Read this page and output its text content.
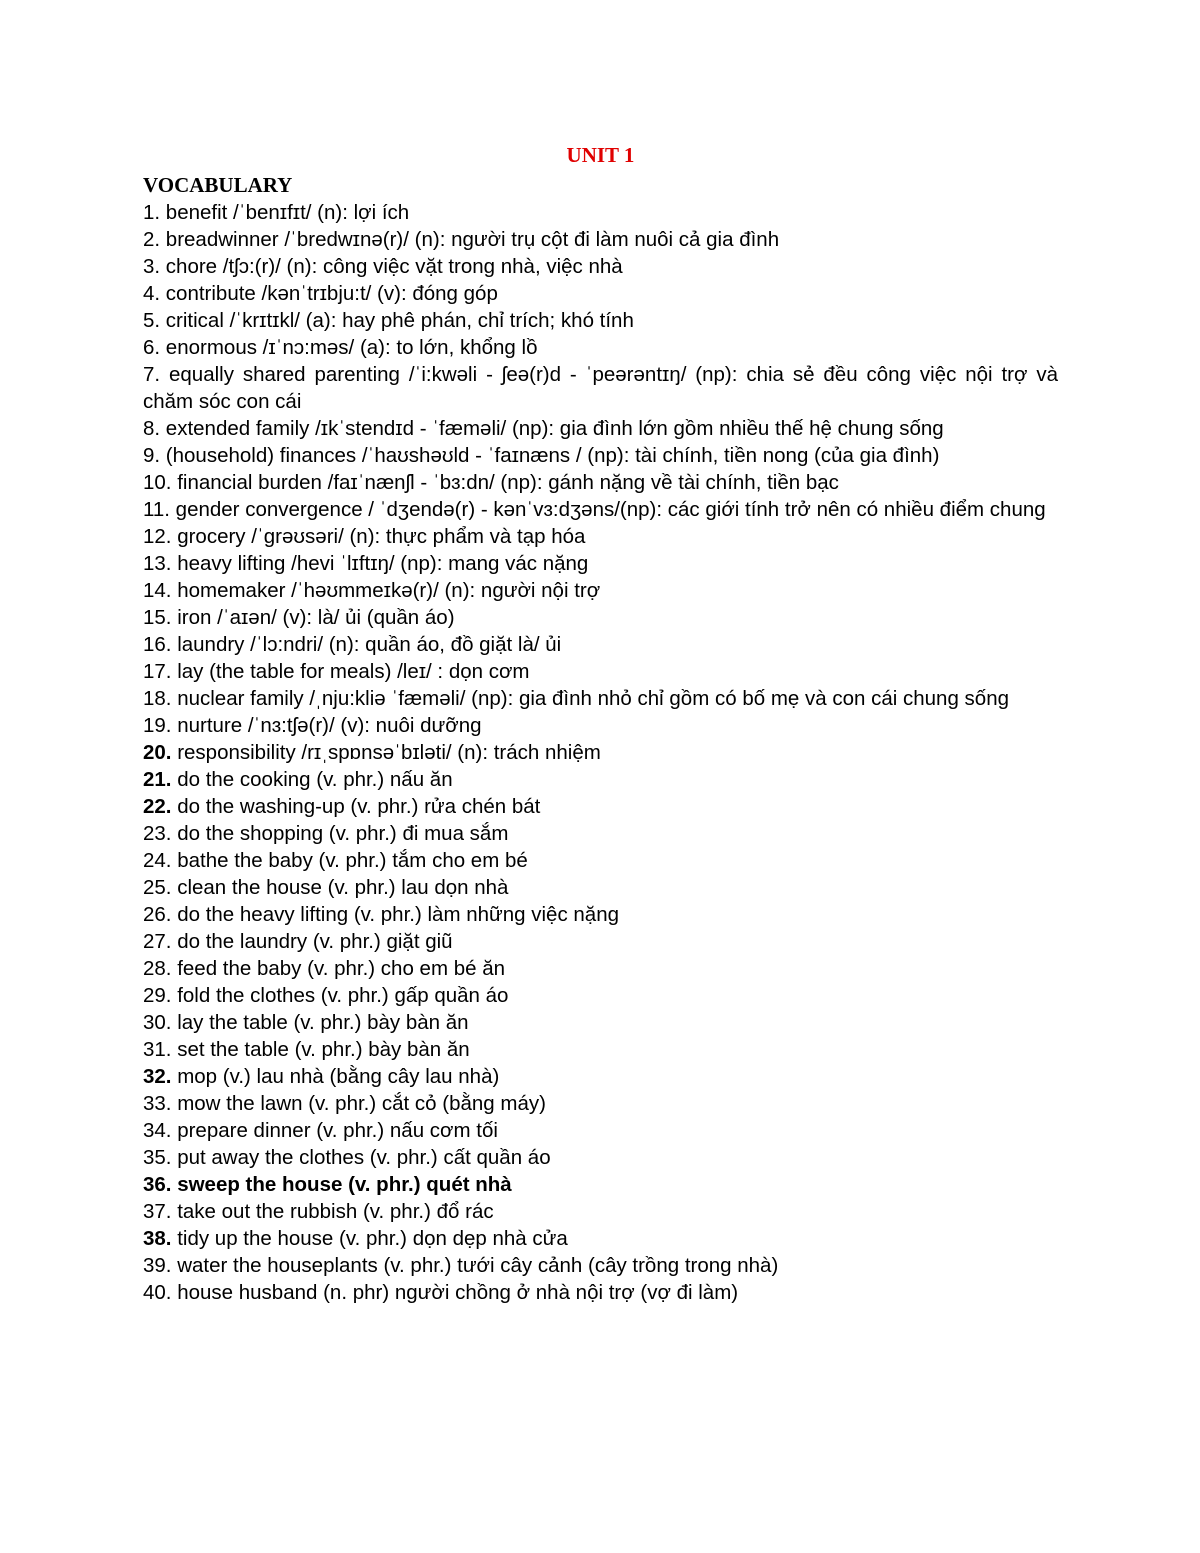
UNIT 1
VOCABULARY
1. benefit /ˈbenɪfɪt/ (n): lợi ích
2. breadwinner /ˈbredwɪnə(r)/ (n): người trụ cột đi làm nuôi cả gia đình
3. chore /tʃɔ:(r)/ (n): công việc vặt trong nhà, việc nhà
4. contribute /kənˈtrɪbju:t/ (v): đóng góp
5. critical /ˈkrɪtɪkl/ (a): hay phê phán, chỉ trích; khó tính
6. enormous /ɪˈnɔ:məs/ (a): to lớn, khổng lồ
7. equally shared parenting /ˈi:kwəli - ʃeə(r)d - ˈpeərəntɪŋ/ (np): chia sẻ đều công việc nội trợ và chăm sóc con cái
8. extended family /ɪkˈstendɪd - ˈfæməli/ (np): gia đình lớn gồm nhiều thế hệ chung sống
9. (household) finances /ˈhaʊshəʊld - ˈfaɪnæns / (np): tài chính, tiền nong (của gia đình)
10. financial burden /faɪˈnænʃl - ˈbɜ:dn/ (np): gánh nặng về tài chính, tiền bạc
11. gender convergence / ˈdʒendə(r) - kənˈvɜ:dʒəns/(np): các giới tính trở nên có nhiều điểm chung
12. grocery /ˈgrəʊsəri/ (n): thực phẩm và tạp hóa
13. heavy lifting /hevi ˈlɪftɪŋ/ (np): mang vác nặng
14. homemaker /ˈhəʊmmeɪkə(r)/ (n): người nội trợ
15. iron /ˈaɪən/ (v): là/ ủi (quần áo)
16. laundry /ˈlɔ:ndri/ (n): quần áo, đồ giặt là/ ủi
17. lay (the table for meals) /leɪ/ : dọn cơm
18. nuclear family /ˌnju:kliə ˈfæməli/ (np): gia đình nhỏ chỉ gồm có bố mẹ và con cái chung sống
19. nurture /ˈnɜ:tʃə(r)/ (v): nuôi dưỡng
20. responsibility /rɪˌspɒnsəˈbɪləti/ (n): trách nhiệm
21. do the cooking (v. phr.) nấu ăn
22. do the washing-up (v. phr.) rửa chén bát
23. do the shopping (v. phr.) đi mua sắm
24. bathe the baby (v. phr.) tắm cho em bé
25. clean the house (v. phr.) lau dọn nhà
26. do the heavy lifting (v. phr.) làm những việc nặng
27. do the laundry (v. phr.) giặt giũ
28. feed the baby (v. phr.) cho em bé ăn
29. fold the clothes (v. phr.) gấp quần áo
30. lay the table (v. phr.) bày bàn ăn
31. set the table (v. phr.) bày bàn ăn
32. mop (v.) lau nhà (bằng cây lau nhà)
33. mow the lawn (v. phr.) cắt cỏ (bằng máy)
34. prepare dinner (v. phr.) nấu cơm tối
35. put away the clothes (v. phr.) cất quần áo
36. sweep the house (v. phr.) quét nhà
37. take out the rubbish (v. phr.) đổ rác
38. tidy up the house (v. phr.) dọn dẹp nhà cửa
39. water the houseplants (v. phr.) tưới cây cảnh (cây trồng trong nhà)
40. house husband (n. phr) người chồng ở nhà nội trợ (vợ đi làm)
